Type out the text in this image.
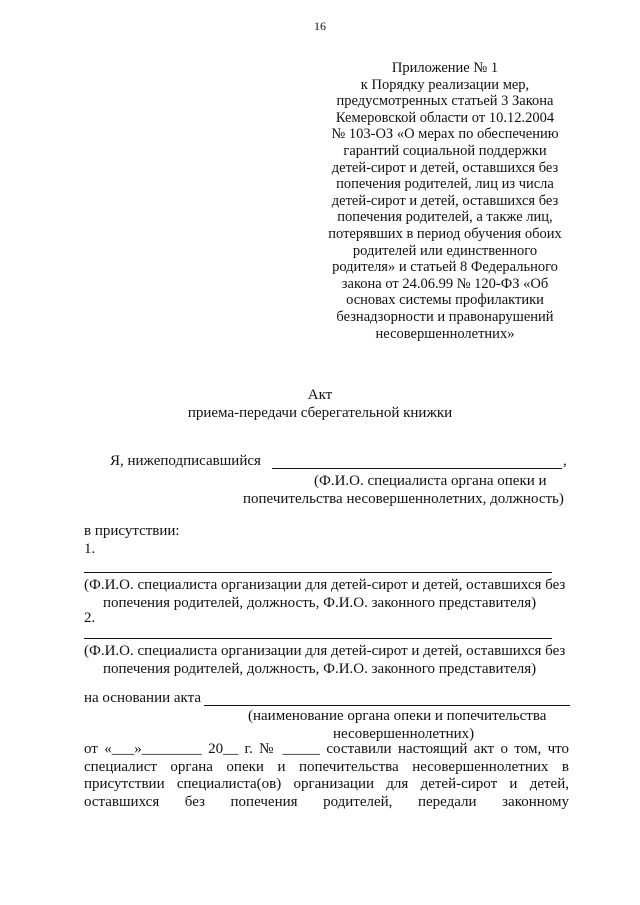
16
Приложение № 1
к Порядку реализации мер,
предусмотренных статьей 3 Закона
Кемеровской области от 10.12.2004
№ 103-ОЗ «О мерах по обеспечению
гарантий социальной поддержки
детей-сирот и детей, оставшихся без
попечения родителей, лиц из числа
детей-сирот и детей, оставшихся без
попечения родителей, а также лиц,
потерявших в период обучения обоих
родителей или единственного
родителя» и статьей 8 Федерального
закона от 24.06.99 № 120-ФЗ «Об
основах системы профилактики
безнадзорности и правонарушений
несовершеннолетних»
Акт
приема-передачи сберегательной книжки
Я, нижеподписавшийся	,
(Ф.И.О. специалиста органа опеки и
попечительства несовершеннолетних, должность)
в присутствии:
1.
(Ф.И.О. специалиста организации для детей-сирот и детей, оставшихся без
попечения родителей, должность, Ф.И.О. законного представителя)
2.
(Ф.И.О. специалиста организации для детей-сирот и детей, оставшихся без
попечения родителей, должность, Ф.И.О. законного представителя)
на основании акта
(наименование органа опеки и попечительства
несовершеннолетних)
от «___»________ 20__ г. № _____ составили настоящий акт о том, что
специалист органа опеки и попечительства несовершеннолетних в
присутствии специалиста(ов) организации для детей-сирот и детей,
оставшихся без попечения родителей, передали законному
